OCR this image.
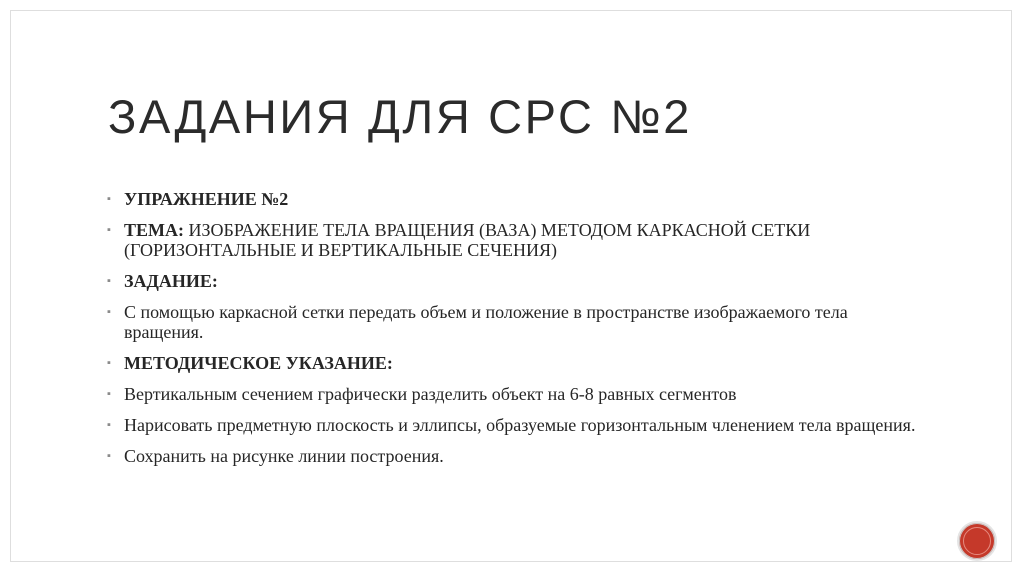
ЗАДАНИЯ ДЛЯ СРС №2
▪ УПРАЖНЕНИЕ №2
▪ ТЕМА: ИЗОБРАЖЕНИЕ ТЕЛА ВРАЩЕНИЯ (ВАЗА) МЕТОДОМ КАРКАСНОЙ СЕТКИ (ГОРИЗОНТАЛЬНЫЕ И ВЕРТИКАЛЬНЫЕ СЕЧЕНИЯ)
▪ ЗАДАНИЕ:
▪ С помощью каркасной сетки передать объем и положение в пространстве изображаемого тела вращения.
▪ МЕТОДИЧЕСКОЕ УКАЗАНИЕ:
▪ Вертикальным сечением графически разделить объект на 6-8 равных сегментов
▪ Нарисовать предметную плоскость и эллипсы, образуемые горизонтальным членением тела вращения.
▪ Сохранить на рисунке линии построения.
